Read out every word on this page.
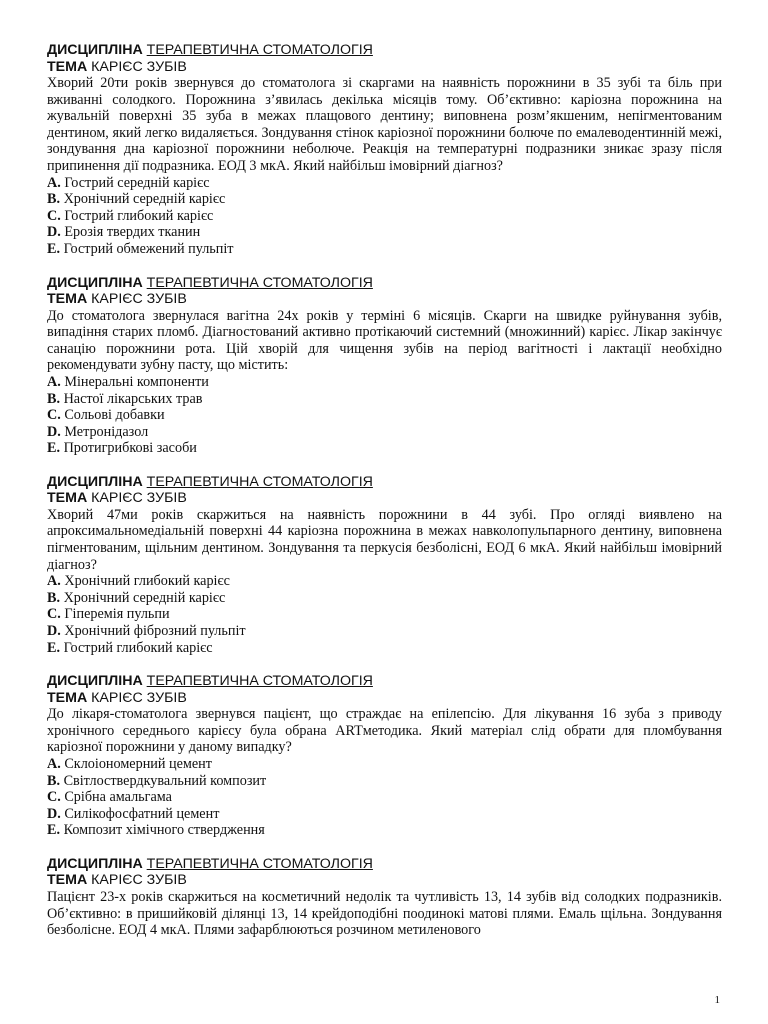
ДИСЦИПЛІНА ТЕРАПЕВТИЧНА СТОМАТОЛОГІЯ
ТЕМА КАРІЄС ЗУБІВ

Хворий 20ти років звернувся до стоматолога зі скаргами на наявність порожнини в 35 зубі та біль при вживанні солодкого. Порожнина з’явилась декілька місяців тому. Об’єктивно: каріозна порожнина на жувальній поверхні 35 зуба в межах плащового дентину; виповнена розм’якшеним, непігментованим дентином, який легко видаляється. Зондування стінок каріозної порожнини болюче по емалеводентинній межі, зондування дна каріозної порожнини неболюче. Реакція на температурні подразники зникає зразу після припинення дії подразника. ЕОД 3 мкА. Який найбільш імовірний діагноз?

A. Гострий середній карієс
B. Хронічний середній карієс
C. Гострий глибокий карієс
D. Ерозія твердих тканин
E. Гострий обмежений пульпіт
ДИСЦИПЛІНА ТЕРАПЕВТИЧНА СТОМАТОЛОГІЯ
ТЕМА КАРІЄС ЗУБІВ

До стоматолога звернулася вагітна 24х років у терміні 6 місяців. Скарги на швидке руйнування зубів, випадіння старих пломб. Діагностований активно протікаючий системний (множинний) карієс. Лікар закінчує санацію порожнини рота. Цій хворій для чищення зубів на період вагітності і лактації необхідно рекомендувати зубну пасту, що містить:

A. Мінеральні компоненти
B. Настої лікарських трав
C. Сольові добавки
D. Метронідазол
E. Протигрибкові засоби
ДИСЦИПЛІНА ТЕРАПЕВТИЧНА СТОМАТОЛОГІЯ
ТЕМА КАРІЄС ЗУБІВ

Хворий 47ми років скаржиться на наявність порожнини в 44 зубі. Про огляді виявлено на апроксимальномедіальній поверхні 44 каріозна порожнина в межах навколопульпарного дентину, виповнена пігментованим, щільним дентином. Зондування та перкусія безболісні, ЕОД 6 мкА. Який найбільш імовірний діагноз?

A. Хронічний глибокий карієс
B. Хронічний середній карієс
C. Гіперемія пульпи
D. Хронічний фіброзний пульпіт
E. Гострий глибокий карієс
ДИСЦИПЛІНА ТЕРАПЕВТИЧНА СТОМАТОЛОГІЯ
ТЕМА КАРІЄС ЗУБІВ

До лікаря-стоматолога звернувся пацієнт, що страждає на епілепсію. Для лікування 16 зуба з приводу хронічного середнього карієсу була обрана ARTметодика. Який матеріал слід обрати для пломбування каріозної порожнини у даному випадку?

A. Склоіономерний цемент
B. Світлоствердкувальний композит
C. Срібна амальгама
D. Силікофосфатний цемент
E. Композит хімічного ствердження
ДИСЦИПЛІНА ТЕРАПЕВТИЧНА СТОМАТОЛОГІЯ
ТЕМА КАРІЄС ЗУБІВ

Пацієнт 23-х років скаржиться на косметичний недолік та чутливість 13, 14 зубів від солодких подразників. Об’єктивно: в пришийковій ділянці 13, 14 крейдоподібні поодинокі матові плями. Емаль щільна. Зондування безболісне. ЕОД 4 мкА. Плями зафарблюються розчином метиленового

1
